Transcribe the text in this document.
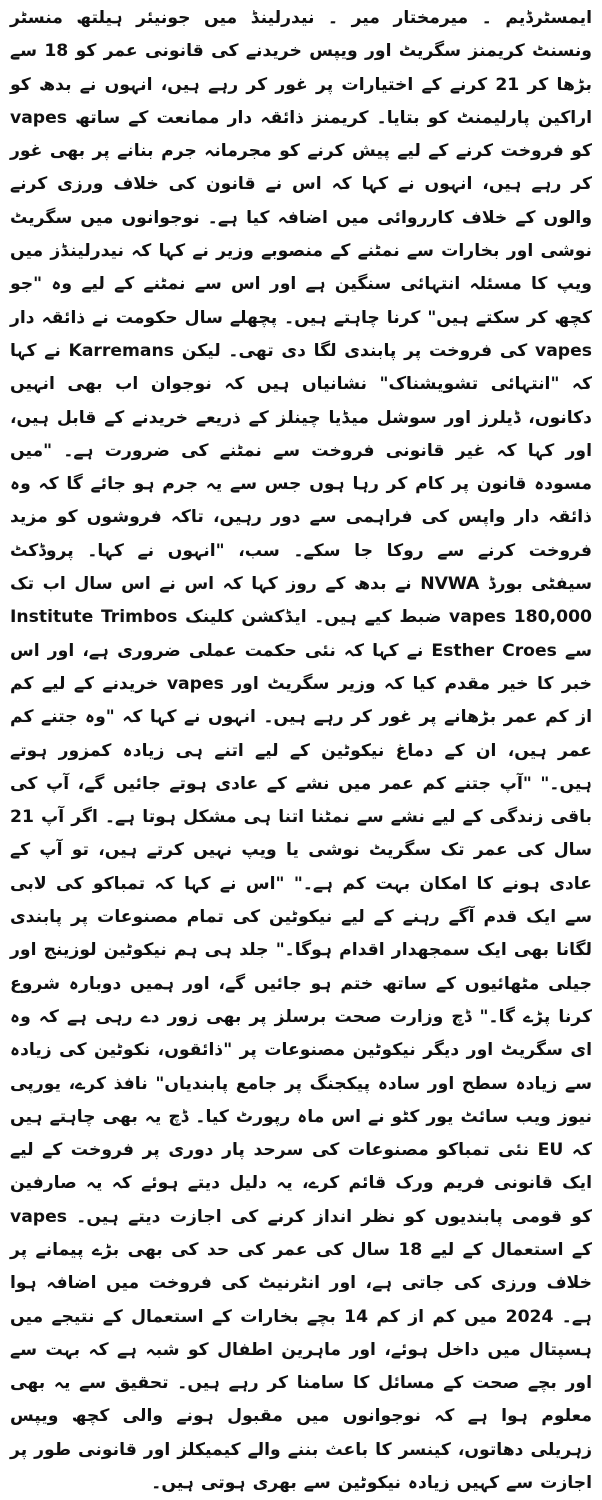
ایمسٹرڈیم ۔ میرمختار میر ۔ نیدرلینڈ میں جونیئر ہیلتھ منسٹر ونسنٹ کریمنز سگریٹ اور ویپس خریدنے کی قانونی عمر کو 18 سے بڑھا کر 21 کرنے کے اختیارات پر غور کر رہے ہیں، انہوں نے بدھ کو اراکین پارلیمنٹ کو بتایا۔ کریمنز ذائقہ دار ممانعت کے ساتھ vapes کو فروخت کرنے کے لیے پیش کرنے کو مجرمانہ جرم بنانے پر بھی غور کر رہے ہیں، انہوں نے کہا کہ اس نے قانون کی خلاف ورزی کرنے والوں کے خلاف کارروائی میں اضافہ کیا ہے۔ نوجوانوں میں سگریٹ نوشی اور بخارات سے نمٹنے کے منصوبے وزیر نے کہا کہ نیدرلینڈز میں ویپ کا مسئلہ انتہائی سنگین ہے اور اس سے نمٹنے کے لیے وہ "جو کچھ کر سکتے ہیں" کرنا چاہتے ہیں۔ پچھلے سال حکومت نے ذائقہ دار vapes کی فروخت پر پابندی لگا دی تھی۔ لیکن Karremans نے کہا کہ "انتہائی تشویشناک" نشانیاں ہیں کہ نوجوان اب بھی انہیں دکانوں، ڈیلرز اور سوشل میڈیا چینلز کے ذریعے خریدنے کے قابل ہیں، اور کہا کہ غیر قانونی فروخت سے نمٹنے کی ضرورت ہے۔ "میں مسودہ قانون پر کام کر رہا ہوں جس سے یہ جرم ہو جائے گا کہ وہ ذائقہ دار واپس کی فراہمی سے دور رہیں، تاکہ فروشوں کو مزید فروخت کرنے سے روکا جا سکے۔ سب، "انہوں نے کہا۔ پروڈکٹ سیفٹی بورڈ NVWA نے بدھ کے روز کہا کہ اس نے اس سال اب تک 180,000 vapes ضبط کیے ہیں۔ ایڈکشن کلینک Institute Trimbos سے Esther Croes نے کہا کہ نئی حکمت عملی ضروری ہے، اور اس خبر کا خیر مقدم کیا کہ وزیر سگریٹ اور vapes خریدنے کے لیے کم از کم عمر بڑھانے پر غور کر رہے ہیں۔ انہوں نے کہا کہ "وہ جتنے کم عمر ہیں، ان کے دماغ نیکوٹین کے لیے اتنے ہی زیادہ کمزور ہوتے ہیں۔" "آپ جتنے کم عمر میں نشے کے عادی ہوتے جائیں گے، آپ کی باقی زندگی کے لیے نشے سے نمٹنا اتنا ہی مشکل ہوتا ہے۔ اگر آپ 21 سال کی عمر تک سگریٹ نوشی یا ویپ نہیں کرتے ہیں، تو آپ کے عادی ہونے کا امکان بہت کم ہے۔" "اس نے کہا کہ تمباکو کی لابی سے ایک قدم آگے رہنے کے لیے نیکوٹین کی تمام مصنوعات پر پابندی لگانا بھی ایک سمجھدار اقدام ہوگا۔" جلد ہی ہم نیکوٹین لوزینج اور جیلی مٹھائیوں کے ساتھ ختم ہو جائیں گے، اور ہمیں دوبارہ شروع کرنا پڑے گا۔" ڈچ وزارت صحت برسلز پر بھی زور دے رہی ہے کہ وہ ای سگریٹ اور دیگر نیکوٹین مصنوعات پر "ذائقوں، نکوٹین کی زیادہ سے زیادہ سطح اور سادہ پیکجنگ پر جامع پابندیاں" نافذ کرے، یورپی نیوز ویب سائٹ یور کٹو نے اس ماہ رپورٹ کیا۔ ڈچ یہ بھی چاہتے ہیں کہ EU نئی تمباکو مصنوعات کی سرحد پار دوری پر فروخت کے لیے ایک قانونی فریم ورک قائم کرے، یہ دلیل دیتے ہوئے کہ یہ صارفین کو قومی پابندیوں کو نظر انداز کرنے کی اجازت دیتے ہیں۔ vapes کے استعمال کے لیے 18 سال کی عمر کی حد کی بھی بڑے پیمانے پر خلاف ورزی کی جاتی ہے، اور انٹرنیٹ کی فروخت میں اضافہ ہوا ہے۔ 2024 میں کم از کم 14 بچے بخارات کے استعمال کے نتیجے میں ہسپتال میں داخل ہوئے، اور ماہرین اطفال کو شبہ ہے کہ بہت سے اور بچے صحت کے مسائل کا سامنا کر رہے ہیں۔ تحقیق سے یہ بھی معلوم ہوا ہے کہ نوجوانوں میں مقبول ہونے والی کچھ ویپس زہریلی دھاتوں، کینسر کا باعث بننے والے کیمیکلز اور قانونی طور پر اجازت سے کہیں زیادہ نیکوٹین سے بھری ہوتی ہیں۔
